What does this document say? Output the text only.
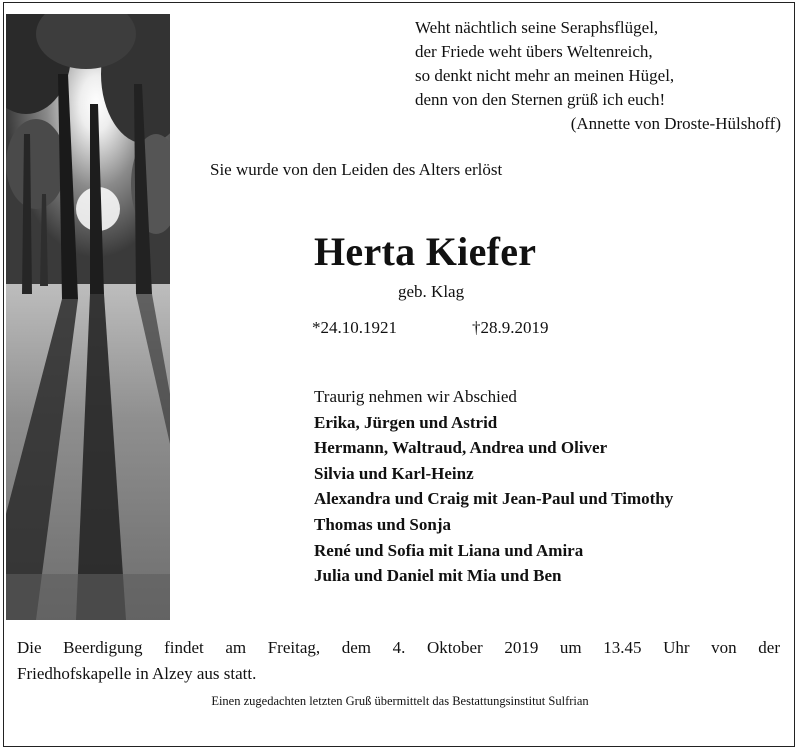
Weht nächtlich seine Seraphsflügel,
der Friede weht übers Weltenreich,
so denkt nicht mehr an meinen Hügel,
denn von den Sternen grüß ich euch!
(Annette von Droste-Hülshoff)
Sie wurde von den Leiden des Alters erlöst
Herta Kiefer
geb. Klag
*24.10.1921	†28.9.2019
Traurig nehmen wir Abschied
Erika, Jürgen und Astrid
Hermann, Waltraud, Andrea und Oliver
Silvia und Karl-Heinz
Alexandra und Craig mit Jean-Paul und Timothy
Thomas und Sonja
René und Sofia mit Liana und Amira
Julia und Daniel mit Mia und Ben
Die Beerdigung findet am Freitag, dem 4. Oktober 2019 um 13.45 Uhr von der
Friedhofskapelle in Alzey aus statt.
Einen zugedachten letzten Gruß übermittelt das Bestattungsinstitut Sulfrian
